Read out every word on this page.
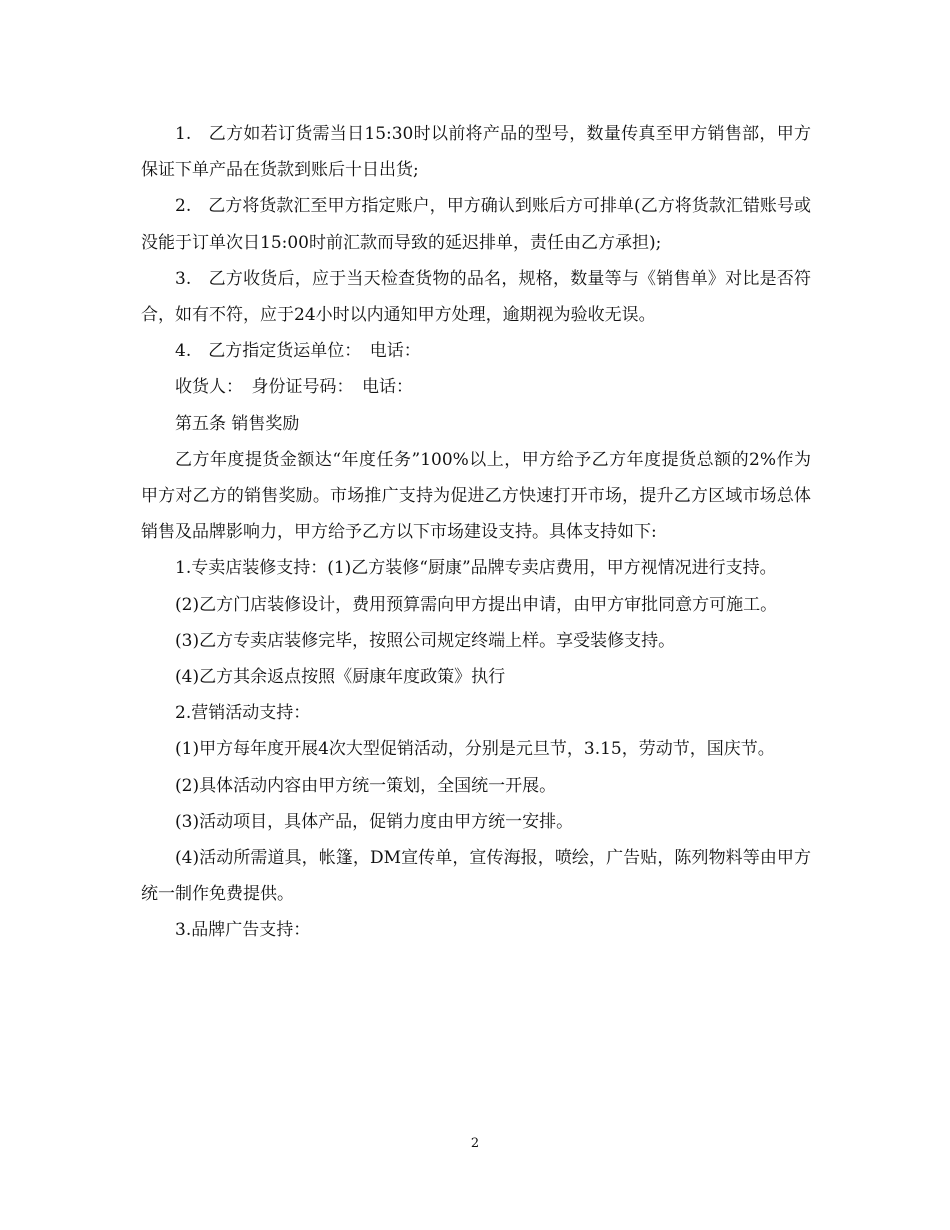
1.　乙方如若订货需当日15:30时以前将产品的型号，数量传真至甲方销售部，甲方保证下单产品在货款到账后十日出货;

2.　乙方将货款汇至甲方指定账户，甲方确认到账后方可排单(乙方将货款汇错账号或没能于订单次日15:00时前汇款而导致的延迟排单，责任由乙方承担);

3.　乙方收货后，应于当天检查货物的品名，规格，数量等与《销售单》对比是否符合，如有不符，应于24小时以内通知甲方处理，逾期视为验收无误。

4.　乙方指定货运单位：　电话：

收货人：　身份证号码：　电话：

第五条 销售奖励

乙方年度提货金额达“年度任务”100%以上，甲方给予乙方年度提货总额的2%作为甲方对乙方的销售奖励。市场推广支持为促进乙方快速打开市场，提升乙方区域市场总体销售及品牌影响力，甲方给予乙方以下市场建设支持。具体支持如下:

1.专卖店装修支持：(1)乙方装修“厨康”品牌专卖店费用，甲方视情况进行支持。

(2)乙方门店装修设计，费用预算需向甲方提出申请，由甲方审批同意方可施工。

(3)乙方专卖店装修完毕，按照公司规定终端上样。享受装修支持。

(4)乙方其余返点按照《厨康年度政策》执行

2.营销活动支持：

(1)甲方每年度开展4次大型促销活动，分别是元旦节，3.15，劳动节，国庆节。

(2)具体活动内容由甲方统一策划，全国统一开展。

(3)活动项目，具体产品，促销力度由甲方统一安排。

(4)活动所需道具，帐篷，DM宣传单，宣传海报，喷绘，广告贴，陈列物料等由甲方统一制作免费提供。

3.品牌广告支持：

2
